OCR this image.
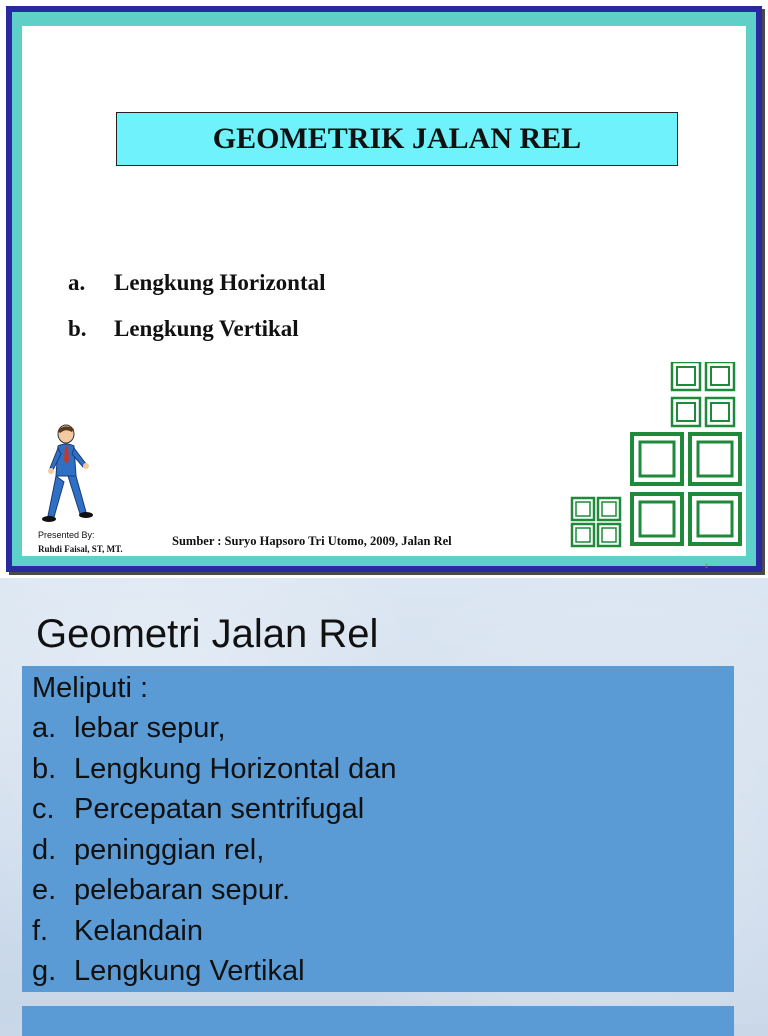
GEOMETRIK JALAN REL
a.	Lengkung Horizontal
b.	Lengkung Vertikal
Presented By:
Ruhdi Faisal, ST, MT.
Sumber : Suryo Hapsoro Tri Utomo, 2009, Jalan Rel
1
Geometri Jalan Rel
Meliputi :
a. lebar sepur,
b. Lengkung Horizontal dan
c. Percepatan sentrifugal
d. peninggian rel,
e. pelebaran sepur.
f. Kelandain
g. Lengkung Vertikal
